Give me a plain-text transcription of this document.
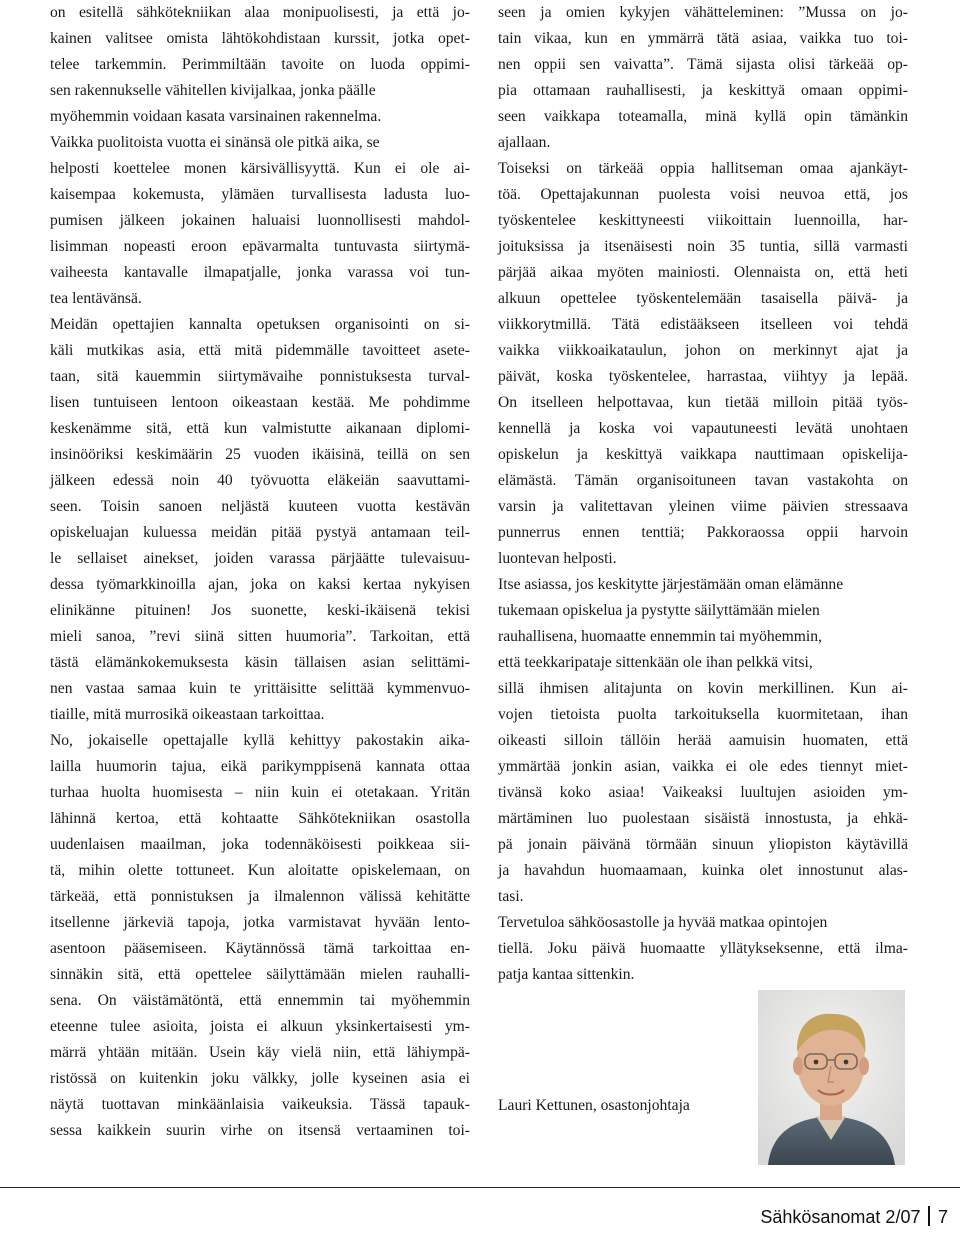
on esitellä sähkötekniikan alaa monipuolisesti, ja että jo-
kainen valitsee omista lähtökohdistaan kurssit, jotka opet-
telee tarkemmin. Perimmiltään tavoite on luoda oppimi-
sen rakennukselle vähitellen kivijalkaa, jonka päälle
myöhemmin voidaan kasata varsinainen rakennelma.
Vaikka puolitoista vuotta ei sinänsä ole pitkä aika, se
helposti koettelee monen kärsivällisyyttä. Kun ei ole ai-
kaisempaa kokemusta, ylämäen turvallisesta ladusta luo-
pumisen jälkeen jokainen haluaisi luonnollisesti mahdol-
lisimman nopeasti eroon epävarmalta tuntuvasta siirtymä-
vaiheesta kantavalle ilmapatjalle, jonka varassa voi tun-
tea lentävänsä.
Meidän opettajien kannalta opetuksen organisointi on si-
käli mutkikas asia, että mitä pidemmälle tavoitteet asete-
taan, sitä kauemmin siirtymävaihe ponnistuksesta turval-
lisen tuntuiseen lentoon oikeastaan kestää. Me pohdimme
keskenämme sitä, että kun valmistutte aikanaan diplomi-
insinööriksi keskimäärin 25 vuoden ikäisinä, teillä on sen
jälkeen edessä noin 40 työvuotta eläkeiän saavuttami-
seen. Toisin sanoen neljästä kuuteen vuotta kestävän
opiskeluajan kuluessa meidän pitää pystyä antamaan teil-
le sellaiset ainekset, joiden varassa pärjäätte tulevaisuu-
dessa työmarkkinoilla ajan, joka on kaksi kertaa nykyisen
elinikänne pituinen! Jos suonette, keski-ikäisenä tekisi
mieli sanoa, ”revi siinä sitten huumoria”. Tarkoitan, että
tästä elämänkokemuksesta käsin tällaisen asian selittämi-
nen vastaa samaa kuin te yrittäisitte selittää kymmenvuo-
tiaille, mitä murrosikä oikeastaan tarkoittaa.
No, jokaiselle opettajalle kyllä kehittyy pakostakin aika-
lailla huumorin tajua, eikä parikymppisenä kannata ottaa
turhaa huolta huomisesta – niin kuin ei otetakaan. Yritän
lähinnä kertoa, että kohtaatte Sähkötekniikan osastolla
uudenlaisen maailman, joka todennäköisesti poikkeaa sii-
tä, mihin olette tottuneet. Kun aloitatte opiskelemaan, on
tärkeää, että ponnistuksen ja ilmalennon välissä kehitätte
itsellenne järkeviä tapoja, jotka varmistavat hyvään lento-
asentoon pääsemiseen. Käytännössä tämä tarkoittaa en-
sinnäkin sitä, että opettelee säilyttämään mielen rauhalli-
sena. On väistämätöntä, että ennemmin tai myöhemmin
eteenne tulee asioita, joista ei alkuun yksinkertaisesti ym-
märrä yhtään mitään. Usein käy vielä niin, että lähiympä-
ristössä on kuitenkin joku välkky, jolle kyseinen asia ei
näytä tuottavan minkäänlaisia vaikeuksia. Tässä tapauk-
sessa kaikkein suurin virhe on itsensä vertaaminen toi-
seen ja omien kykyjen vähätteleminen: ”Mussa on jo-
tain vikaa, kun en ymmärrä tätä asiaa, vaikka tuo toi-
nen oppii sen vaivatta”. Tämä sijasta olisi tärkeää op-
pia ottamaan rauhallisesti, ja keskittyä omaan oppimi-
seen vaikkapa toteamalla, minä kyllä opin tämänkin
ajallaan.
Toiseksi on tärkeää oppia hallitseman omaa ajankäyt-
töä. Opettajakunnan puolesta voisi neuvoa että, jos
työskentelee keskittyneesti viikoittain luennoilla, har-
joituksissa ja itsenäisesti noin 35 tuntia, sillä varmasti
pärjää aikaa myöten mainiosti. Olennaista on, että heti
alkuun opettelee työskentelemään tasaisella päivä- ja
viikkorytmillä. Tätä edistääkseen itselleen voi tehdä
vaikka viikkoaikataulun, johon on merkinnyt ajat ja
päivät, koska työskentelee, harrastaa, viihtyy ja lepää.
On itselleen helpottavaa, kun tietää milloin pitää työs-
kennellä ja koska voi vapautuneesti levätä unohtaen
opiskelun ja keskittyä vaikkapa nauttimaan opiskelija-
elämästä. Tämän organisoituneen tavan vastakohta on
varsin ja valitettavan yleinen viime päivien stressaava
punnerrus ennen tenttiä; Pakkoraossa oppii harvoin
luontevan helposti.
Itse asiassa, jos keskitytte järjestämään oman elämänne
tukemaan opiskelua ja pystytte säilyttämään mielen
rauhallisena, huomaatte ennemmin tai myöhemmin,
että teekkaripataje sittenkään ole ihan pelkkä vitsi,
sillä ihmisen alitajunta on kovin merkillinen. Kun ai-
vojen tietoista puolta tarkoituksella kuormitetaan, ihan
oikeasti silloin tällöin herää aamuisin huomaten, että
ymmärtää jonkin asian, vaikka ei ole edes tiennyt miet-
tivänsä koko asiaa! Vaikeaksi luultujen asioiden ym-
märtäminen luo puolestaan sisäistä innostusta, ja ehkä-
pä jonain päivänä törmään sinuun yliopiston käytävillä
ja havahdun huomaamaan, kuinka olet innostunut alas-
tasi.
Tervetuloa sähköosastolle ja hyvää matkaa opintojen
tiellä. Joku päivä huomaatte yllätykseksenne, että ilma-
patja kantaa sittenkin.
Lauri Kettunen, osastonjohtaja
Sähkösanomat 2/07 7
